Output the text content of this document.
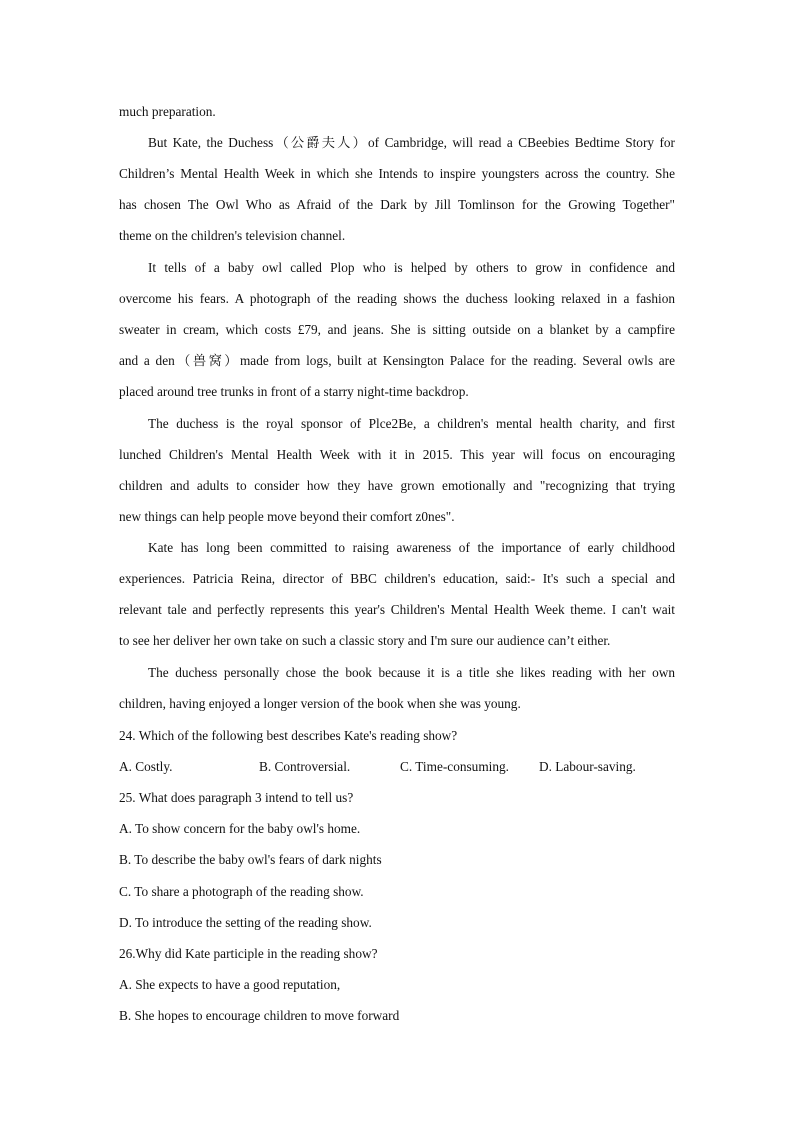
much preparation.
But Kate, the Duchess（公爵夫人）of Cambridge, will read a CBeebies Bedtime Story for
Children’s Mental Health Week in which she Intends to inspire youngsters across the country. She
has chosen The Owl Who as Afraid of the Dark by Jill Tomlinson for the Growing Together"
theme on the children's television channel.
It tells of a baby owl called Plop who is helped by others to grow in confidence and
overcome his fears. A photograph of the reading shows the duchess looking relaxed in a fashion
sweater in cream, which costs £79, and jeans. She is sitting outside on a blanket by a campfire
and a den（兽窝）made from logs, built at Kensington Palace for the reading. Several owls are
placed around tree trunks in front of a starry night-time backdrop.
The duchess is the royal sponsor of Plce2Be, a children's mental health charity, and first
lunched Children's Mental Health Week with it in 2015. This year will focus on encouraging
children and adults to consider how they have grown emotionally and "recognizing that trying
new things can help people move beyond their comfort z0nes".
Kate has long been committed to raising awareness of the importance of early childhood
experiences. Patricia Reina, director of BBC children's education, said:- It's such a special and
relevant tale and perfectly represents this year's Children's Mental Health Week theme. I can't wait
to see her deliver her own take on such a classic story and I'm sure our audience can’t either.
The duchess personally chose the book because it is a title she likes reading with her own
children, having enjoyed a longer version of the book when she was young.
24. Which of the following best describes Kate's reading show?
A. Costly.	B. Controversial.	C. Time-consuming. D. Labour-saving.
25. What does paragraph 3 intend to tell us?
A. To show concern for the baby owl's home.
B. To describe the baby owl's fears of dark nights
C. To share a photograph of the reading show.
D. To introduce the setting of the reading show.
26.Why did Kate participle in the reading show?
A. She expects to have a good reputation,
B. She hopes to encourage children to move forward
